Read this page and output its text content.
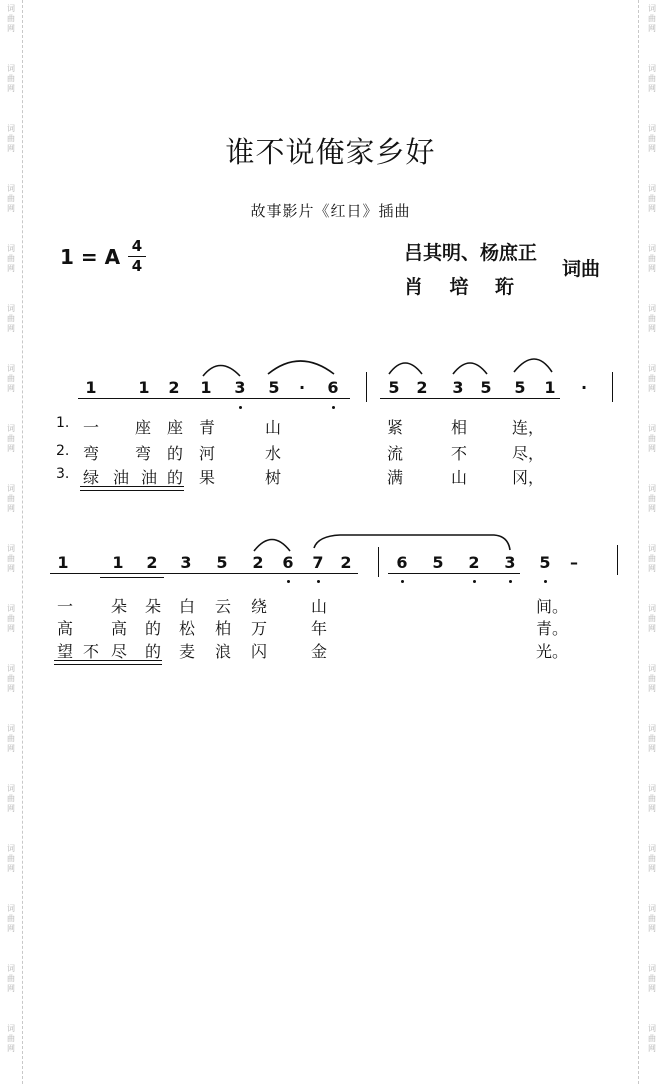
词
曲
网
词
曲
网
词
曲
网
词
曲
网
词
曲
网
词
曲
网
词
曲
网
词
曲
网
词
曲
网
词
曲
网
词
曲
网
词
曲
网
词
曲
网
词
曲
网
词
曲
网
词
曲
网
词
曲
网
词
曲
网
词
曲
网
词
曲
网
词
曲
网
词
曲
网
词
曲
网
词
曲
网
词
曲
网
词
曲
网
词
曲
网
词
曲
网
词
曲
网
词
曲
网
词
曲
网
词
曲
网
词
曲
网
词
曲
网
词
曲
网
词
曲
网
谁不说俺家乡好
故事影片《红日》插曲
1 = A 4
4
吕其明、杨庶正
肖    培    珩
词曲
1	1 2 1 3 5	·	6	5 2 3 5 5 1	·
1.
2.
3.
一 座 座 青	山	紧	相	连，
弯 弯 的 河	水	流	不	尽，
绿 油 油 的 果	树	满	山	冈，
1	1 2 3 5 2 6 7 2	6 5 2 3 5 –
一 朵 朵 白 云 绕	山	间。
高 高 的 松 柏 万	年	青。
望 不 尽 的 麦 浪 闪	金	光。
